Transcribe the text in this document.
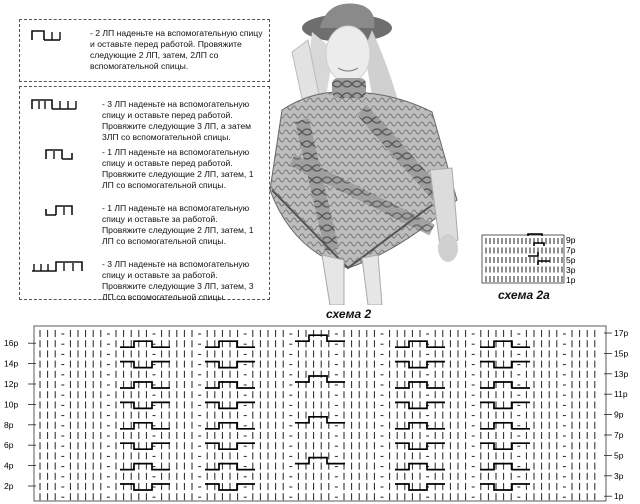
- 2 ЛП наденьте на вспомогательную спицу и оставьте перед работой. Провяжите следующие 2 ЛП, затем, 2ЛП со вспомогательной спицы.
- 3 ЛП наденьте на вспомогательную спицу и оставьте перед работой. Провяжите следующие 3 ЛП, а затем 3ЛП со вспомогательной спицы.
- 1 ЛП наденьте на вспомогательную спицу и оставьте перед работой. Провяжите следующие 2 ЛП, затем, 1 ЛП со вспомогательной спицы.
- 1 ЛП наденьте на вспомогательную спицу и оставьте за работой. Провяжите следующие 2 ЛП, затем, 1 ЛП со вспомогательной спицы.
- 3 ЛП наденьте на вспомогательную спицу и оставьте за работой. Провяжите следующие 3 ЛП, затем, 3 ЛП со вспомогательной спицы.
9р
7р
5р
3р
1р
схема 2а
схема 2
16р
14р
12р
10р
8р
6р
4р
2р
17р
15р
13р
11р
9р
7р
5р
3р
1р
